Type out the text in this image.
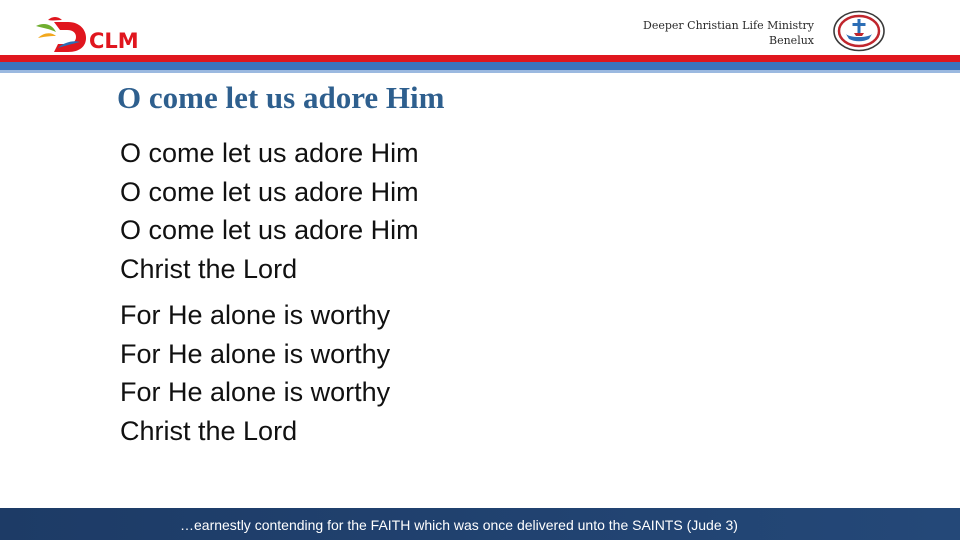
CLM
Deeper Christian Life Ministry
Benelux
O come let us adore Him
O come let us adore Him
O come let us adore Him
O come let us adore Him
Christ the Lord
For He alone is worthy
For He alone is worthy
For He alone is worthy
Christ the Lord
…earnestly contending for the FAITH which was once delivered unto the SAINTS (Jude 3)
